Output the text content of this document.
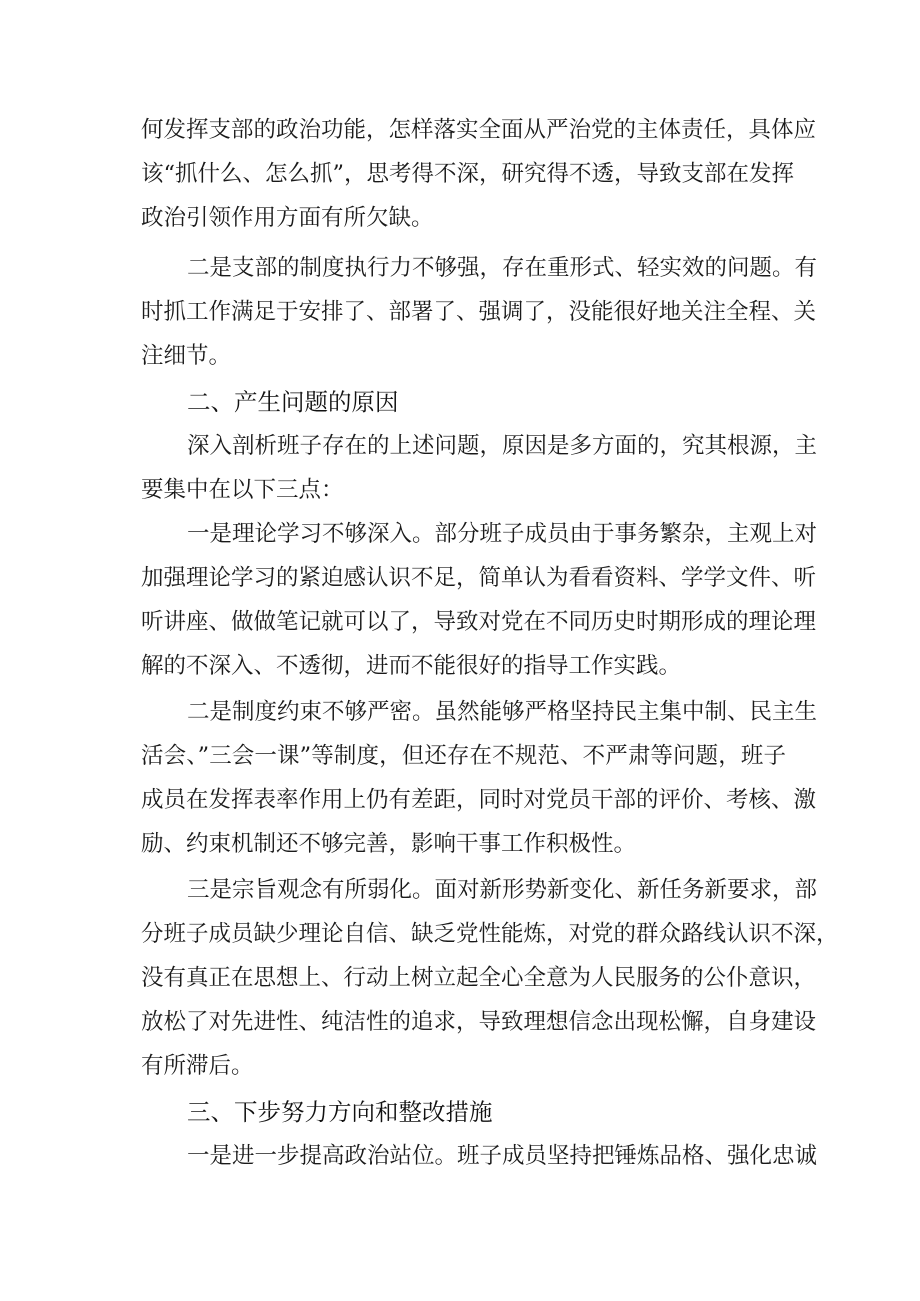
何发挥支部的政治功能，怎样落实全面从严治党的主体责任，具体应
该“抓什么、怎么抓”，思考得不深，研究得不透，导致支部在发挥
政治引领作用方面有所欠缺。
二是支部的制度执行力不够强，存在重形式、轻实效的问题。有
时抓工作满足于安排了、部署了、强调了，没能很好地关注全程、关
注细节。
二、产生问题的原因
深入剖析班子存在的上述问题，原因是多方面的，究其根源，主
要集中在以下三点：
一是理论学习不够深入。部分班子成员由于事务繁杂，主观上对
加强理论学习的紧迫感认识不足，简单认为看看资料、学学文件、听
听讲座、做做笔记就可以了，导致对党在不同历史时期形成的理论理
解的不深入、不透彻，进而不能很好的指导工作实践。
二是制度约束不够严密。虽然能够严格坚持民主集中制、民主生
活会、”三会一课”等制度，但还存在不规范、不严肃等问题，班子
成员在发挥表率作用上仍有差距，同时对党员干部的评价、考核、激
励、约束机制还不够完善，影响干事工作积极性。
三是宗旨观念有所弱化。面对新形势新变化、新任务新要求，部
分班子成员缺少理论自信、缺乏党性能炼，对党的群众路线认识不深，
没有真正在思想上、行动上树立起全心全意为人民服务的公仆意识，
放松了对先进性、纯洁性的追求，导致理想信念出现松懈，自身建设
有所滞后。
三、下步努力方向和整改措施
一是进一步提高政治站位。班子成员坚持把锤炼品格、强化忠诚
